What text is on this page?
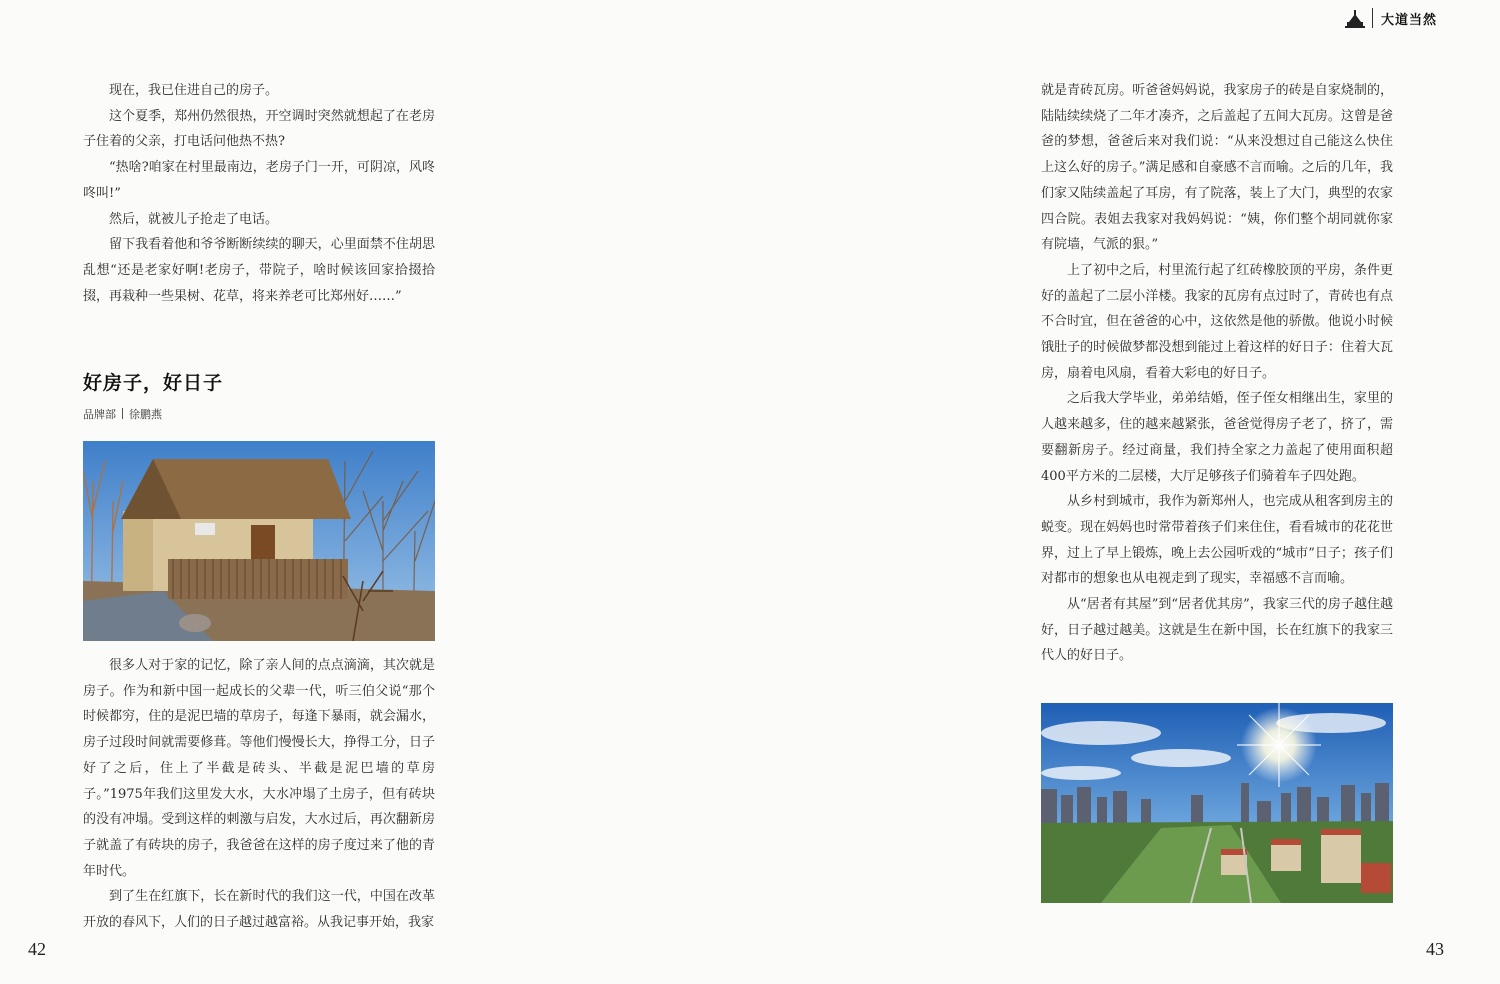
现在，我已住进自己的房子。

这个夏季，郑州仍然很热，开空调时突然就想起了在老房子住着的父亲，打电话问他热不热?

“热啥?咱家在村里最南边，老房子门一开，可阴凉，风咚咚叫!”

然后，就被儿子抢走了电话。

留下我看着他和爷爷断断续续的聊天，心里面禁不住胡思乱想“还是老家好啊!老房子，带院子，啥时候该回家拾掇拾掇，再栽种一些果树、花草，将来养老可比郑州好……”

好房子，好日子
品牌部 徐鹏燕

很多人对于家的记忆，除了亲人间的点点滴滴，其次就是房子。作为和新中国一起成长的父辈一代，听三伯父说“那个时候都穷，住的是泥巴墙的草房子，每逢下暴雨，就会漏水，房子过段时间就需要修葺。等他们慢慢长大，挣得工分，日子好了之后，住上了半截是砖头、半截是泥巴墙的草房子。”1975年我们这里发大水，大水冲塌了土房子，但有砖块的没有冲塌。受到这样的刺激与启发，大水过后，再次翻新房子就盖了有砖块的房子，我爸爸在这样的房子度过来了他的青年时代。

到了生在红旗下，长在新时代的我们这一代，中国在改革开放的春风下，人们的日子越过越富裕。从我记事开始，我家

42
大道当然

就是青砖瓦房。听爸爸妈妈说，我家房子的砖是自家烧制的，陆陆续续烧了二年才凑齐，之后盖起了五间大瓦房。这曾是爸爸的梦想，爸爸后来对我们说：“从来没想过自己能这么快住上这么好的房子。”满足感和自豪感不言而喻。之后的几年，我们家又陆续盖起了耳房，有了院落，装上了大门，典型的农家四合院。表姐去我家对我妈妈说：“姨，你们整个胡同就你家有院墙，气派的狠。”

上了初中之后，村里流行起了红砖橡胶顶的平房，条件更好的盖起了二层小洋楼。我家的瓦房有点过时了，青砖也有点不合时宜，但在爸爸的心中，这依然是他的骄傲。他说小时候饿肚子的时候做梦都没想到能过上着这样的好日子：住着大瓦房，扇着电风扇，看着大彩电的好日子。

之后我大学毕业，弟弟结婚，侄子侄女相继出生，家里的人越来越多，住的越来越紧张，爸爸觉得房子老了，挤了，需要翻新房子。经过商量，我们持全家之力盖起了使用面积超400平方米的二层楼，大厅足够孩子们骑着车子四处跑。

从乡村到城市，我作为新郑州人，也完成从租客到房主的蜕变。现在妈妈也时常带着孩子们来住住，看看城市的花花世界，过上了早上锻炼，晚上去公园听戏的“城市”日子；孩子们对都市的想象也从电视走到了现实，幸福感不言而喻。

从“居者有其屋”到“居者优其房”，我家三代的房子越住越好，日子越过越美。这就是生在新中国，长在红旗下的我家三代人的好日子。

43
